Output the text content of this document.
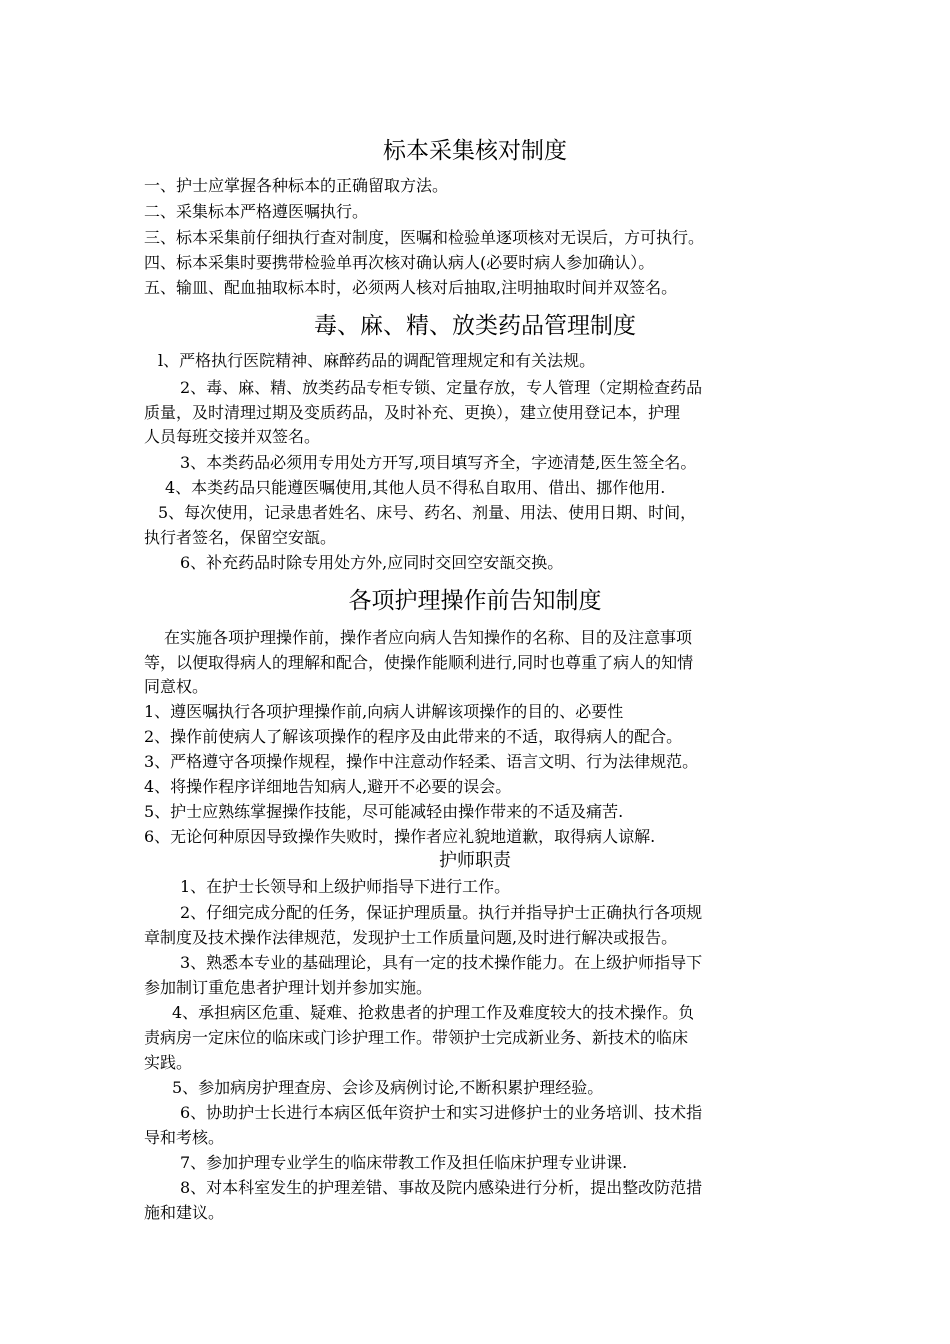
标本采集核对制度
一、护士应掌握各种标本的正确留取方法。
二、采集标本严格遵医嘱执行。
三、标本采集前仔细执行查对制度，医嘱和检验单逐项核对无误后，方可执行。
四、标本采集时要携带检验单再次核对确认病人(必要时病人参加确认）。
五、输皿、配血抽取标本时，必须两人核对后抽取,注明抽取时间并双签名。
毒、麻、精、放类药品管理制度
l、严格执行医院精神、麻醉药品的调配管理规定和有关法规。
2、毒、麻、精、放类药品专柜专锁、定量存放，专人管理（定期检查药品
质量，及时清理过期及变质药品，及时补充、更换），建立使用登记本，护理
人员每班交接并双签名。
3、本类药品必须用专用处方开写,项目填写齐全，字迹清楚,医生签全名。
4、本类药品只能遵医嘱使用,其他人员不得私自取用、借出、挪作他用.
5、每次使用，记录患者姓名、床号、药名、剂量、用法、使用日期、时间，
执行者签名，保留空安瓿。
6、补充药品时除专用处方外,应同时交回空安瓿交换。
各项护理操作前告知制度
在实施各项护理操作前，操作者应向病人告知操作的名称、目的及注意事项
等，以便取得病人的理解和配合，使操作能顺利进行,同时也尊重了病人的知情
同意权。
1、遵医嘱执行各项护理操作前,向病人讲解该项操作的目的、必要性
2、操作前使病人了解该项操作的程序及由此带来的不适，取得病人的配合。
3、严格遵守各项操作规程，操作中注意动作轻柔、语言文明、行为法律规范。
4、将操作程序详细地告知病人,避开不必要的误会。
5、护士应熟练掌握操作技能，尽可能减轻由操作带来的不适及痛苦.
6、无论何种原因导致操作失败时，操作者应礼貌地道歉，取得病人谅解.
护师职责
1、在护士长领导和上级护师指导下进行工作。
2、仔细完成分配的任务，保证护理质量。执行并指导护士正确执行各项规
章制度及技术操作法律规范，发现护士工作质量问题,及时进行解决或报告。
3、熟悉本专业的基础理论，具有一定的技术操作能力。在上级护师指导下
参加制订重危患者护理计划并参加实施。
4、承担病区危重、疑难、抢救患者的护理工作及难度较大的技术操作。负
责病房一定床位的临床或门诊护理工作。带领护士完成新业务、新技术的临床
实践。
5、参加病房护理查房、会诊及病例讨论,不断积累护理经验。
6、协助护士长进行本病区低年资护士和实习进修护士的业务培训、技术指
导和考核。
7、参加护理专业学生的临床带教工作及担任临床护理专业讲课.
8、对本科室发生的护理差错、事故及院内感染进行分析，提出整改防范措
施和建议。
